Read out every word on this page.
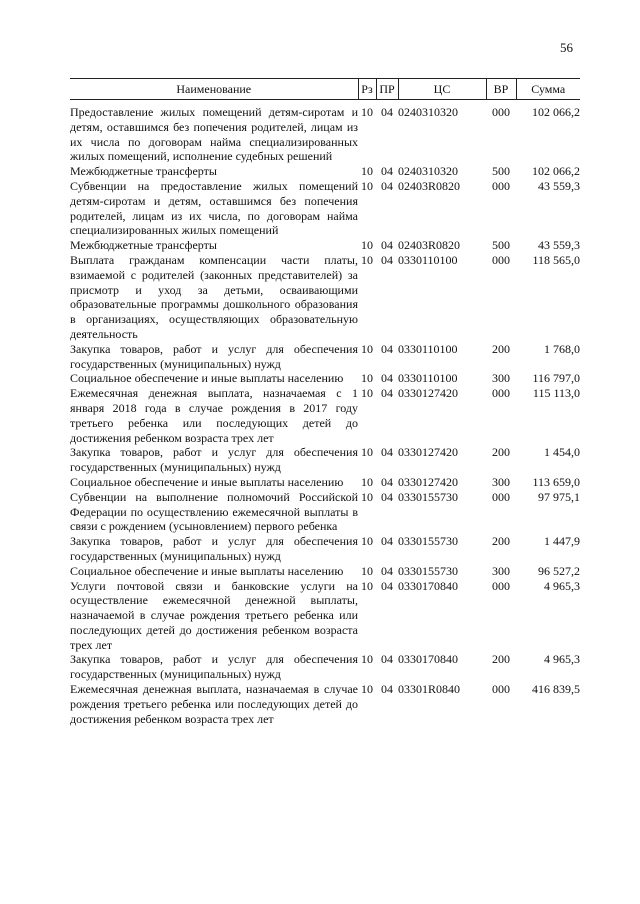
56
Наименование	Рз	ПР	ЦС	ВР	Сумма
Предоставление жилых помещений детям-сиротам и детям, оставшимся без попечения родителей, лицам из их числа по договорам найма специализированных жилых помещений, исполнение судебных решений	10	04	0240310320	000	102 066,2
Межбюджетные трансферты	10	04	0240310320	500	102 066,2
Субвенции на предоставление жилых помещений детям-сиротам и детям, оставшимся без попечения родителей, лицам из их числа, по договорам найма специализированных жилых помещений	10	04	02403R0820	000	43 559,3
Межбюджетные трансферты	10	04	02403R0820	500	43 559,3
Выплата гражданам компенсации части платы, взимаемой с родителей (законных представителей) за присмотр и уход за детьми, осваивающими образовательные программы дошкольного образования в организациях, осуществляющих образовательную деятельность	10	04	0330110100	000	118 565,0
Закупка товаров, работ и услуг для обеспечения государственных (муниципальных) нужд	10	04	0330110100	200	1 768,0
Социальное обеспечение и иные выплаты населению	10	04	0330110100	300	116 797,0
Ежемесячная денежная выплата, назначаемая с 1 января 2018 года в случае рождения в 2017 году третьего ребенка или последующих детей до достижения ребенком возраста трех лет	10	04	0330127420	000	115 113,0
Закупка товаров, работ и услуг для обеспечения государственных (муниципальных) нужд	10	04	0330127420	200	1 454,0
Социальное обеспечение и иные выплаты населению	10	04	0330127420	300	113 659,0
Субвенции на выполнение полномочий Российской Федерации по осуществлению ежемесячной выплаты в связи с рождением (усыновлением) первого ребенка	10	04	0330155730	000	97 975,1
Закупка товаров, работ и услуг для обеспечения государственных (муниципальных) нужд	10	04	0330155730	200	1 447,9
Социальное обеспечение и иные выплаты населению	10	04	0330155730	300	96 527,2
Услуги почтовой связи и банковские услуги на осуществление ежемесячной денежной выплаты, назначаемой в случае рождения третьего ребенка или последующих детей до достижения ребенком возраста трех лет	10	04	0330170840	000	4 965,3
Закупка товаров, работ и услуг для обеспечения государственных (муниципальных) нужд	10	04	0330170840	200	4 965,3
Ежемесячная денежная выплата, назначаемая в случае рождения третьего ребенка или последующих детей до достижения ребенком возраста трех лет	10	04	03301R0840	000	416 839,5
